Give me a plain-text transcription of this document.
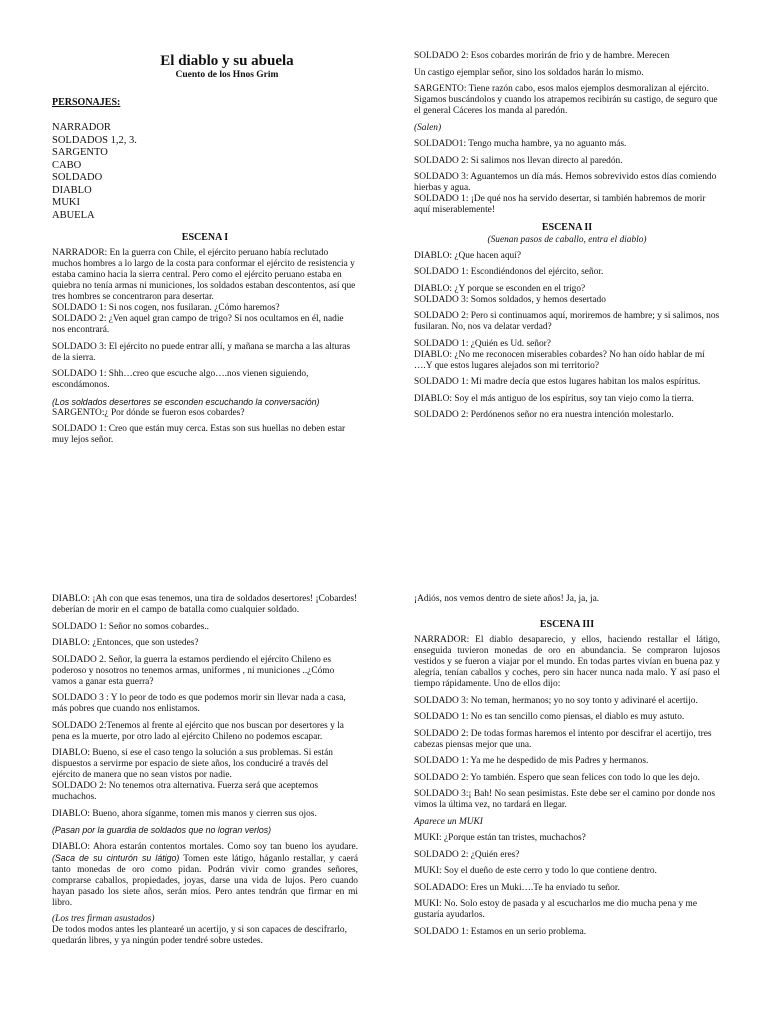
El diablo y su abuela
Cuento de los Hnos Grim
PERSONAJES:
NARRADOR
SOLDADOS 1,2, 3.
SARGENTO
CABO
SOLDADO
DIABLO
MUKI
ABUELA
ESCENA I

NARRADOR: En la guerra con Chile, el ejército peruano había reclutado muchos hombres a lo largo de la costa para conformar el ejército de resistencia y estaba camino hacia la sierra central. Pero como el ejército peruano estaba en quiebra no tenía armas ni municiones, los soldados estaban descontentos, así que tres hombres se concentraron para desertar.

SOLDADO 1: Si nos cogen, nos fusilaran. ¿Cómo haremos?

SOLDADO 2: ¿Ven aquel gran campo de trigo? Si nos ocultamos en él, nadie nos encontrará.

SOLDADO 3: El ejército no puede entrar allí, y mañana se marcha a las alturas de la sierra.

SOLDADO 1: Shh…creo que escuche algo….nos vienen siguiendo, escondámonos.

(Los soldados desertores se esconden escuchando la conversación)

SARGENTO:¿ Por dónde se fueron esos cobardes?

SOLDADO 1: Creo que están muy cerca. Estas son sus huellas no deben estar muy lejos señor.

SOLDADO 2: Esos cobardes morirán de frio y de hambre. Merecen

Un castigo ejemplar señor, sino los soldados harán lo mismo.

SARGENTO: Tiene razón cabo, esos malos ejemplos desmoralizan al ejército. Sigamos buscándolos y cuando los atrapemos recibirán su castigo, de seguro que el general Cáceres los manda al paredón.

(Salen)

SOLDADO1: Tengo mucha hambre, ya no aguanto más.

SOLDADO 2: Si salimos nos llevan directo al paredón.

SOLDADO 3: Aguantemos un día más. Hemos sobrevivido estos días comiendo hierbas y agua.

SOLDADO 1: ¡De qué nos ha servido desertar, si también habremos de morir aquí miserablemente!

ESCENA II
(Suenan pasos de caballo, entra el diablo)

DIABLO: ¿Que hacen aquí?

SOLDADO 1: Escondiéndonos del ejército, señor.

DIABLO: ¿Y porque se esconden en el trigo?

SOLDADO 3: Somos soldados, y hemos desertado

SOLDADO 2: Pero si continuamos aquí, moriremos de hambre; y si salimos, nos fusilaran. No, nos va delatar verdad?

SOLDADO 1: ¿Quién es Ud. señor?

DIABLO: ¿No me reconocen miserables cobardes? No han oído hablar de mí ….Y que estos lugares alejados son mi territorio?

SOLDADO 1: Mi madre decía que estos lugares habitan los malos espíritus.

DIABLO: Soy el más antiguo de los espíritus, soy tan viejo como la tierra.

SOLDADO 2: Perdónenos señor no era nuestra intención molestarlo.

DIABLO: ¡Ah con que esas tenemos, una tira de soldados desertores! ¡Cobardes! deberían de morir en el campo de batalla como cualquier soldado.

SOLDADO 1: Señor no somos cobardes..

DIABLO: ¿Entonces, que son ustedes?

SOLDADO 2. Señor, la guerra la estamos perdiendo el ejército Chileno es poderoso y nosotros no tenemos armas, uniformes , ni municiones ..¿Cómo vamos a ganar esta guerra?

SOLDADO 3 : Y lo peor de todo es que podemos morir sin llevar nada a casa, más pobres que cuando nos enlistamos.

SOLDADO 2:Tenemos al frente al ejército que nos buscan por desertores y la pena es la muerte, por otro lado al ejército Chileno no podemos escapar.

DIABLO: Bueno, si ese el caso tengo la solución a sus problemas. Si están dispuestos a servirme por espacio de siete años, los conduciré a través del ejército de manera que no sean vistos por nadie.

SOLDADO 2: No tenemos otra alternativa. Fuerza será que aceptemos muchachos.

DIABLO: Bueno, ahora síganme, tomen mis manos y cierren sus ojos.

(Pasan por la guardia de soldados que no logran verlos)

DIABLO: Ahora estarán contentos mortales. Como soy tan bueno los ayudare. (Saca de su cinturón su látigo) Tomen este látigo, háganlo restallar, y caerá tanto monedas de oro como pidan. Podrán vivir como grandes señores, comprarse caballos, propiedades, joyas, darse una vida de lujos. Pero cuando hayan pasado los siete años, serán míos. Pero antes tendrán que firmar en mi libro.

(Los tres firman asustados)

De todos modos antes les plantearé un acertijo, y si son capaces de descifrarlo, quedarán libres, y ya ningún poder tendré sobre ustedes.

¡Adiós, nos vemos dentro de siete años! Ja, ja, ja.

ESCENA III

NARRADOR: El diablo desaparecio, y ellos, haciendo restallar el látigo, enseguida tuvieron monedas de oro en abundancia. Se compraron lujosos vestidos y se fueron a viajar por el mundo. En todas partes vivían en buena paz y alegría, tenían caballos y coches, pero sin hacer nunca nada malo. Y así paso el tiempo rápidamente. Uno de ellos dijo:

SOLDADO 3: No teman, hermanos; yo no soy tonto y adivinaré el acertijo.

SOLDADO 1: No es tan sencillo como piensas, el diablo es muy astuto.

SOLDADO 2: De todas formas haremos el intento por descifrar el acertijo, tres cabezas piensas mejor que una.

SOLDADO 1: Ya me he despedido de mis Padres y hermanos.

SOLDADO 2: Yo también. Espero que sean felices con todo lo que les dejo.

SOLDADO 3:¡ Bah! No sean pesimistas. Este debe ser el camino por donde nos vimos la última vez, no tardará en llegar.

Aparece un MUKI

MUKI: ¿Porque están tan tristes, muchachos?

SOLDADO 2: ¿Quién eres?

MUKI: Soy el dueño de este cerro y todo lo que contiene dentro.

SOLADADO: Eres un Muki….Te ha enviado tu señor.

MUKI: No. Solo estoy de pasada y al escucharlos me dio mucha pena y me gustaría ayudarlos.

SOLDADO 1: Estamos en un serio problema.
